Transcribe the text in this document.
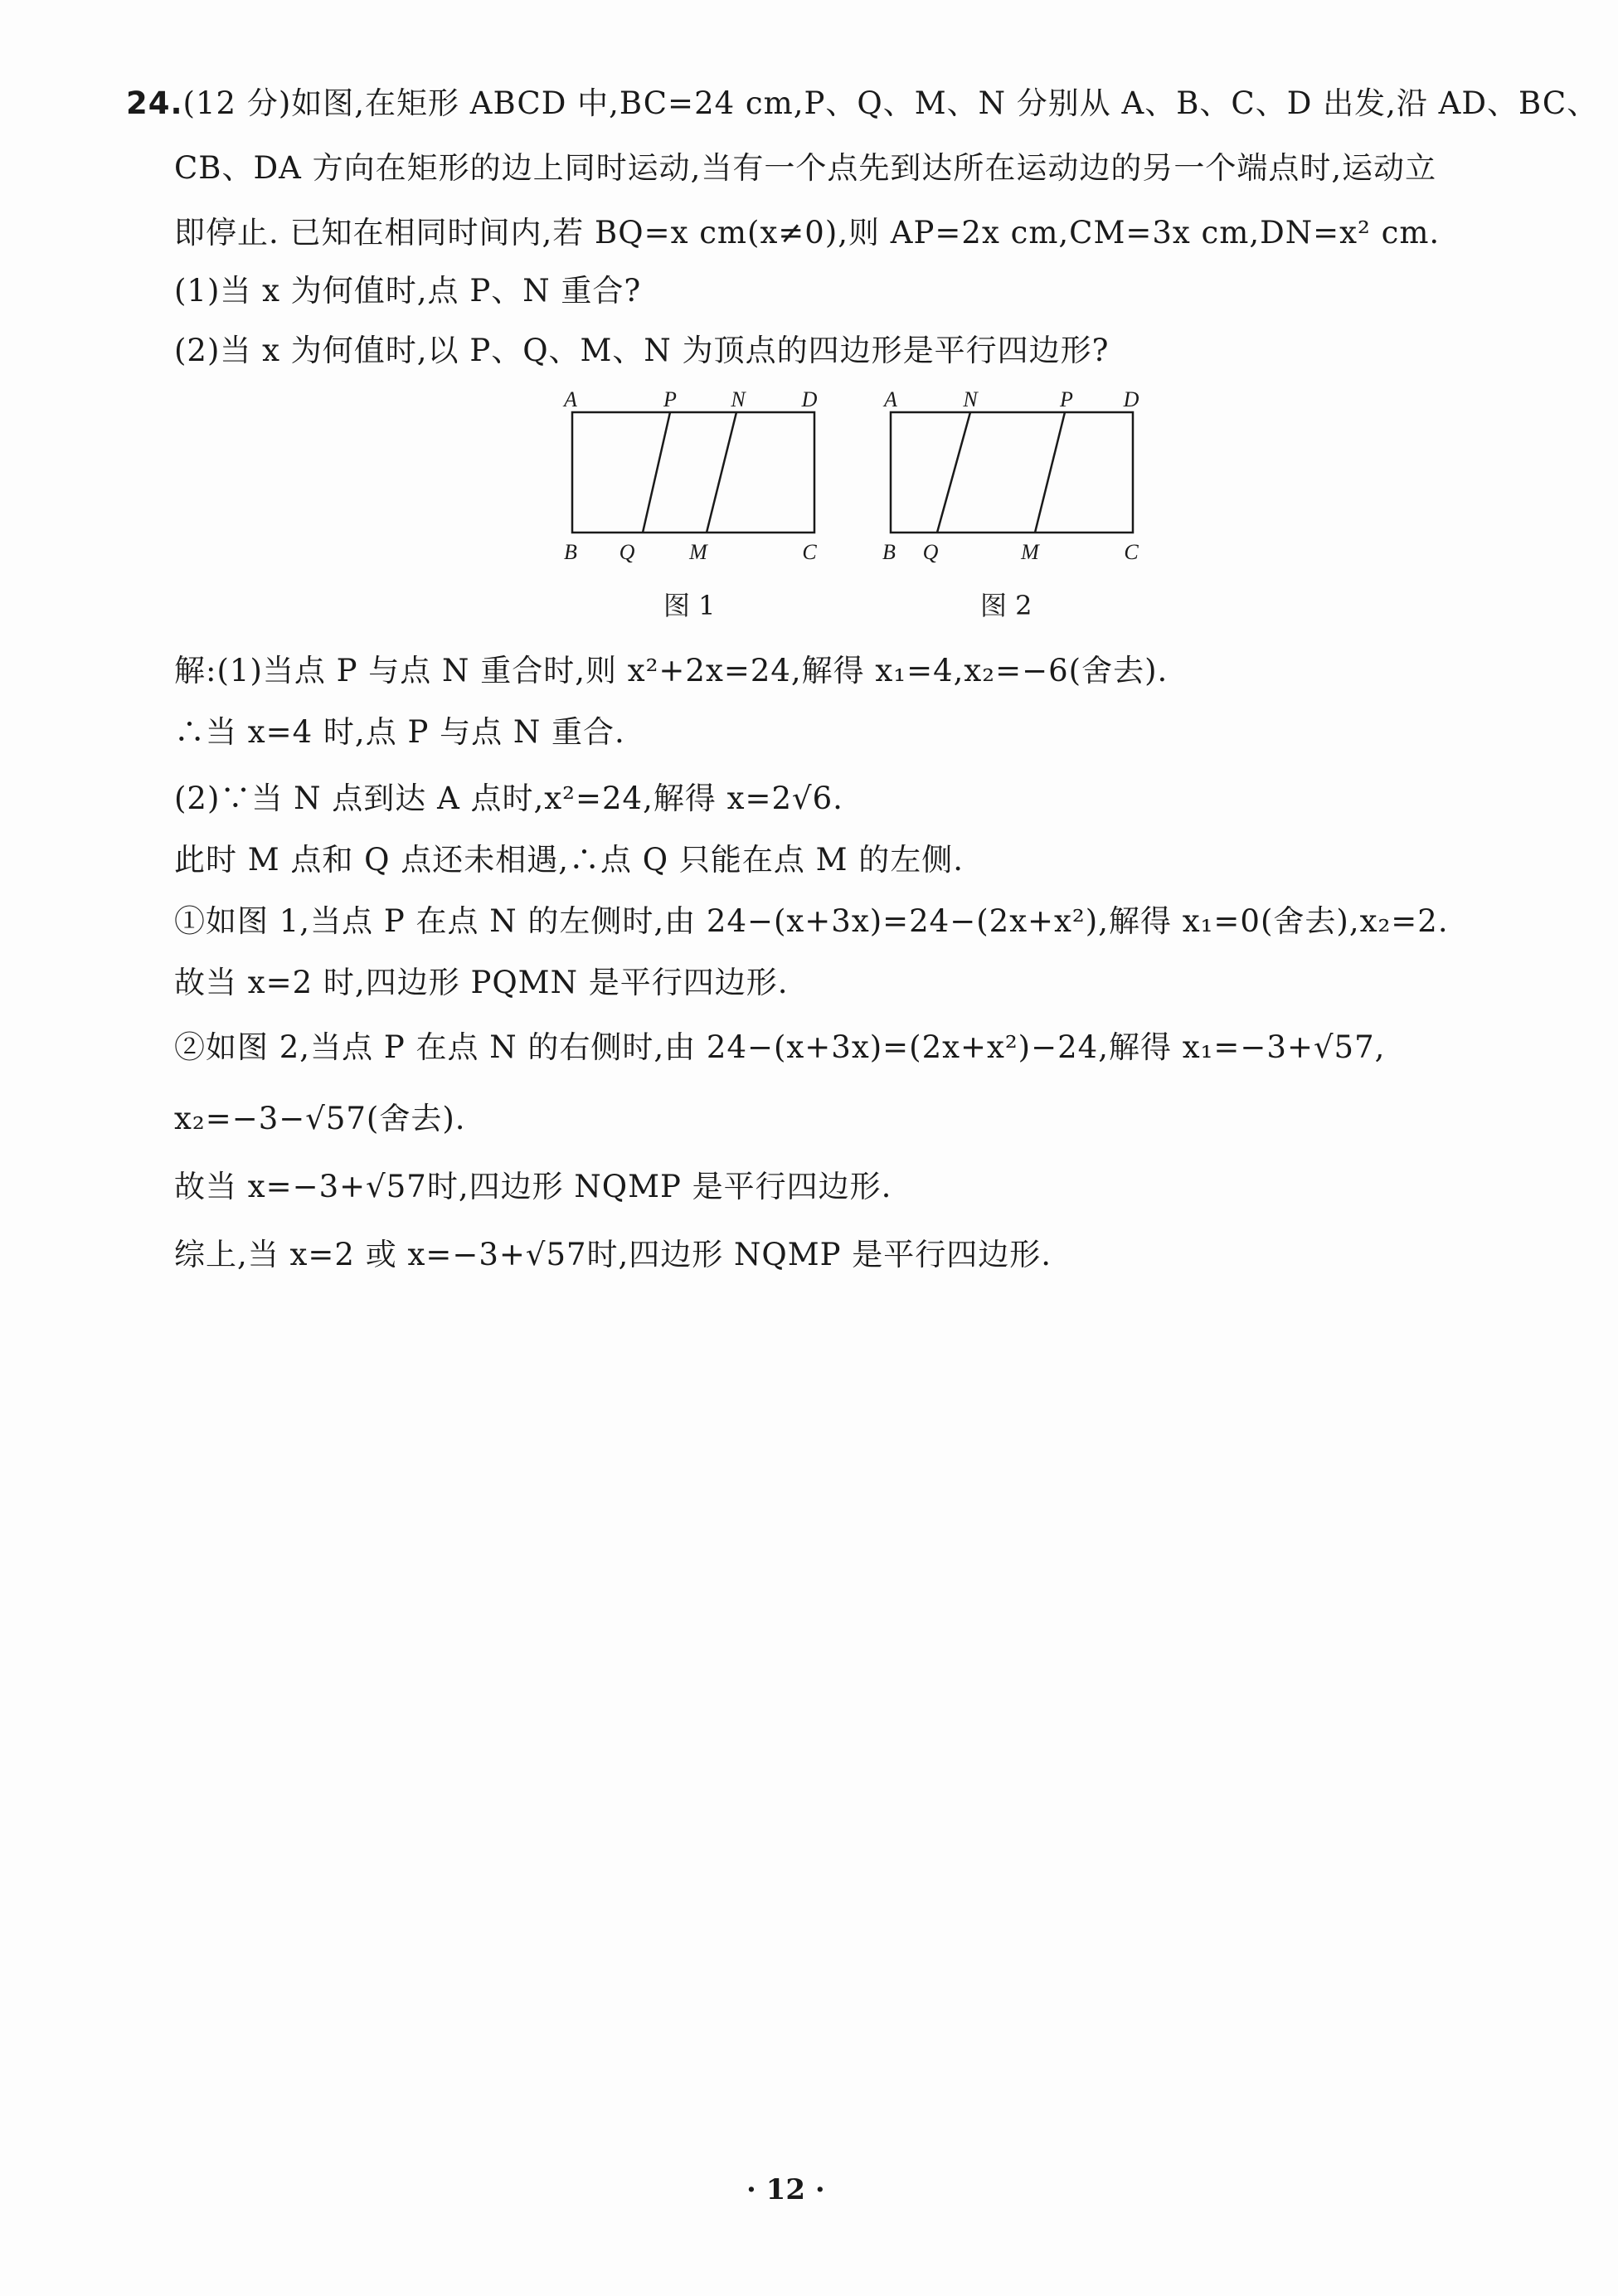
24.(12 分)如图,在矩形 ABCD 中,BC=24 cm,P、Q、M、N 分别从 A、B、C、D 出发,沿 AD、BC、
CB、DA 方向在矩形的边上同时运动,当有一个点先到达所在运动边的另一个端点时,运动立
即停止. 已知在相同时间内,若 BQ=x cm(x≠0),则 AP=2x cm,CM=3x cm,DN=x² cm.
(1)当 x 为何值时,点 P、N 重合?
(2)当 x 为何值时,以 P、Q、M、N 为顶点的四边形是平行四边形?
A	P	N	D
B Q	M	C
图 1
A	N	P D
B Q	M	C
图 2
解:(1)当点 P 与点 N 重合时,则 x²+2x=24,解得 x₁=4,x₂=−6(舍去).
∴当 x=4 时,点 P 与点 N 重合.
(2)∵当 N 点到达 A 点时,x²=24,解得 x=2√6.
此时 M 点和 Q 点还未相遇,∴点 Q 只能在点 M 的左侧.
①如图 1,当点 P 在点 N 的左侧时,由 24−(x+3x)=24−(2x+x²),解得 x₁=0(舍去),x₂=2.
故当 x=2 时,四边形 PQMN 是平行四边形.
②如图 2,当点 P 在点 N 的右侧时,由 24−(x+3x)=(2x+x²)−24,解得 x₁=−3+√57,
x₂=−3−√57(舍去).
故当 x=−3+√57时,四边形 NQMP 是平行四边形.
综上,当 x=2 或 x=−3+√57时,四边形 NQMP 是平行四边形.
· 12 ·
